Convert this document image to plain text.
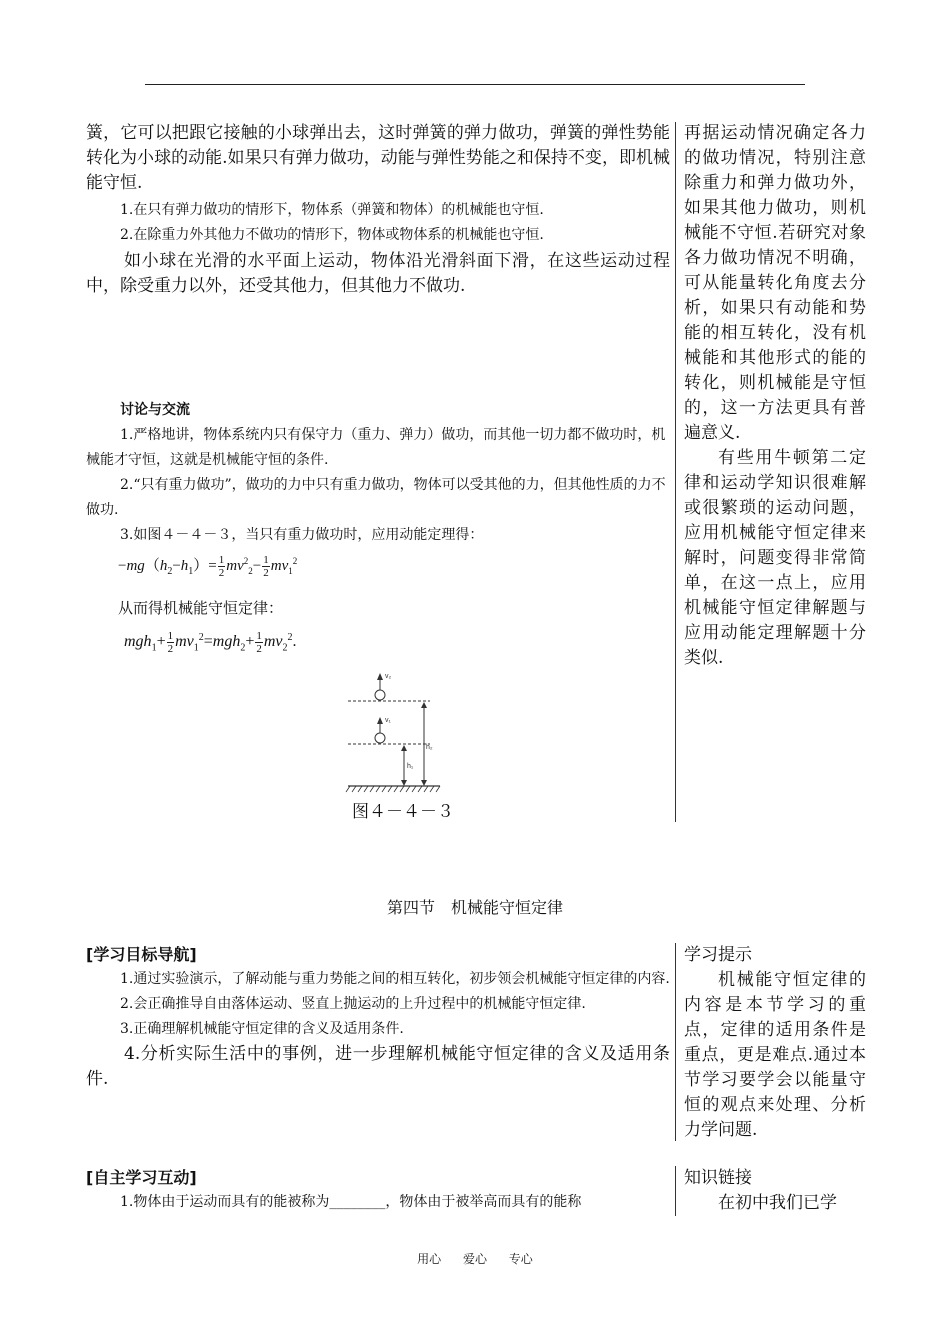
簧，它可以把跟它接触的小球弹出去，这时弹簧的弹力做功，弹簧的弹性势能转化为小球的动能.如果只有弹力做功，动能与弹性势能之和保持不变，即机械能守恒.

1.在只有弹力做功的情形下，物体系（弹簧和物体）的机械能也守恒.

2.在除重力外其他力不做功的情形下，物体或物体系的机械能也守恒.

如小球在光滑的水平面上运动，物体沿光滑斜面下滑，在这些运动过程中，除受重力以外，还受其他力，但其他力不做功.

讨论与交流

1.严格地讲，物体系统内只有保守力（重力、弹力）做功，而其他一切力都不做功时，机械能才守恒，这就是机械能守恒的条件.

2.“只有重力做功”，做功的力中只有重力做功，物体可以受其他的力，但其他性质的力不做功.

3.如图４－４－３，当只有重力做功时，应用动能定理得：

$-mg(h_2-h_1)= \frac{1}{2} mv^2_2- \frac{1}{2} mv_1^2$
从而得机械能守恒定律：
$mgh_1+ \frac{1}{2} mv_1^2=mgh_2+ \frac{1}{2} mv_2^2$.
v₂
v₁
h₂
h₁
图４－４－３

再据运动情况确定各力的做功情况，特别注意除重力和弹力做功外，如果其他力做功，则机械能不守恒.若研究对象各力做功情况不明确，可从能量转化角度去分析，如果只有动能和势能的相互转化，没有机械能和其他形式的能的转化，则机械能是守恒的，这一方法更具有普遍意义.

有些用牛顿第二定律和运动学知识很难解或很繁琐的运动问题，应用机械能守恒定律来解时，问题变得非常简单，在这一点上，应用机械能守恒定律解题与应用动能定理解题十分类似.

第四节　机械能守恒定律

[学习目标导航]

1.通过实验演示，了解动能与重力势能之间的相互转化，初步领会机械能守恒定律的内容.

2.会正确推导自由落体运动、竖直上抛运动的上升过程中的机械能守恒定律.

3.正确理解机械能守恒定律的含义及适用条件.

4.分析实际生活中的事例，进一步理解机械能守恒定律的含义及适用条件.

学习提示

机械能守恒定律的内容是本节学习的重点，定律的适用条件是重点，更是难点.通过本节学习要学会以能量守恒的观点来处理、分析力学问题.

[自主学习互动]

1.物体由于运动而具有的能被称为________，物体由于被举高而具有的能称

知识链接

在初中我们已学

用心 爱心 专心
